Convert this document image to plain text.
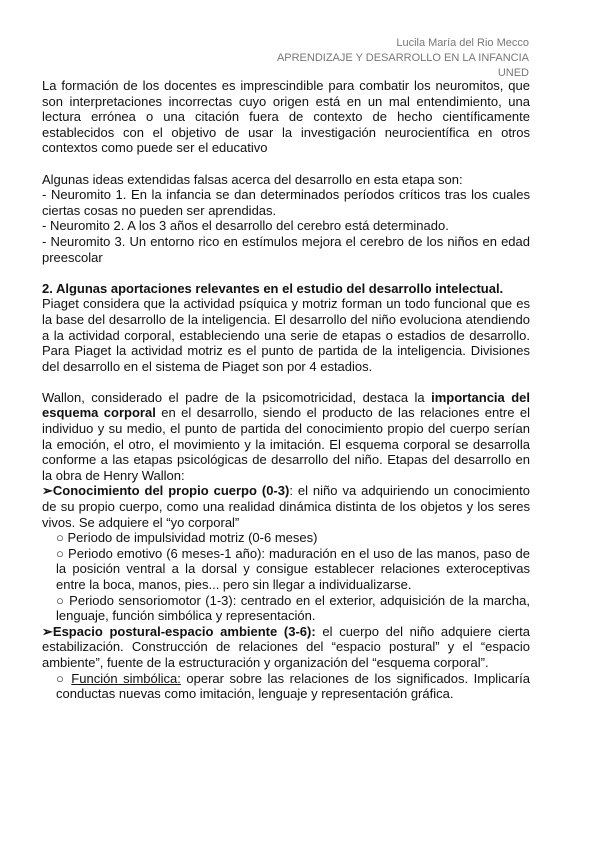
Lucila María del Rio Mecco
APRENDIZAJE Y DESARROLLO EN LA INFANCIA
UNED

La formación de los docentes es imprescindible para combatir los neuromitos, que son interpretaciones incorrectas cuyo origen está en un mal entendimiento, una lectura errónea o una citación fuera de contexto de hecho científicamente establecidos con el objetivo de usar la investigación neurocientífica en otros contextos como puede ser el educativo

Algunas ideas extendidas falsas acerca del desarrollo en esta etapa son:

- Neuromito 1. En la infancia se dan determinados períodos críticos tras los cuales ciertas cosas no pueden ser aprendidas.

- Neuromito 2. A los 3 años el desarrollo del cerebro está determinado.

- Neuromito 3. Un entorno rico en estímulos mejora el cerebro de los niños en edad preescolar

2. Algunas aportaciones relevantes en el estudio del desarrollo intelectual.

Piaget considera que la actividad psíquica y motriz forman un todo funcional que es la base del desarrollo de la inteligencia. El desarrollo del niño evoluciona atendiendo a la actividad corporal, estableciendo una serie de etapas o estadios de desarrollo. Para Piaget la actividad motriz es el punto de partida de la inteligencia. Divisiones del desarrollo en el sistema de Piaget son por 4 estadios.

Wallon, considerado el padre de la psicomotricidad, destaca la importancia del esquema corporal en el desarrollo, siendo el producto de las relaciones entre el individuo y su medio, el punto de partida del conocimiento propio del cuerpo serían la emoción, el otro, el movimiento y la imitación. El esquema corporal se desarrolla conforme a las etapas psicológicas de desarrollo del niño. Etapas del desarrollo en la obra de Henry Wallon:

➢Conocimiento del propio cuerpo (0-3): el niño va adquiriendo un conocimiento de su propio cuerpo, como una realidad dinámica distinta de los objetos y los seres vivos. Se adquiere el “yo corporal”

○ Periodo de impulsividad motriz (0-6 meses)

○ Periodo emotivo (6 meses-1 año): maduración en el uso de las manos, paso de la posición ventral a la dorsal y consigue establecer relaciones exteroceptivas entre la boca, manos, pies... pero sin llegar a individualizarse.

○ Periodo sensoriomotor (1-3): centrado en el exterior, adquisición de la marcha, lenguaje, función simbólica y representación.

➢Espacio postural-espacio ambiente (3-6): el cuerpo del niño adquiere cierta estabilización. Construcción de relaciones del “espacio postural” y el “espacio ambiente”, fuente de la estructuración y organización del “esquema corporal”.

○ Función simbólica: operar sobre las relaciones de los significados. Implicaría conductas nuevas como imitación, lenguaje y representación gráfica.
